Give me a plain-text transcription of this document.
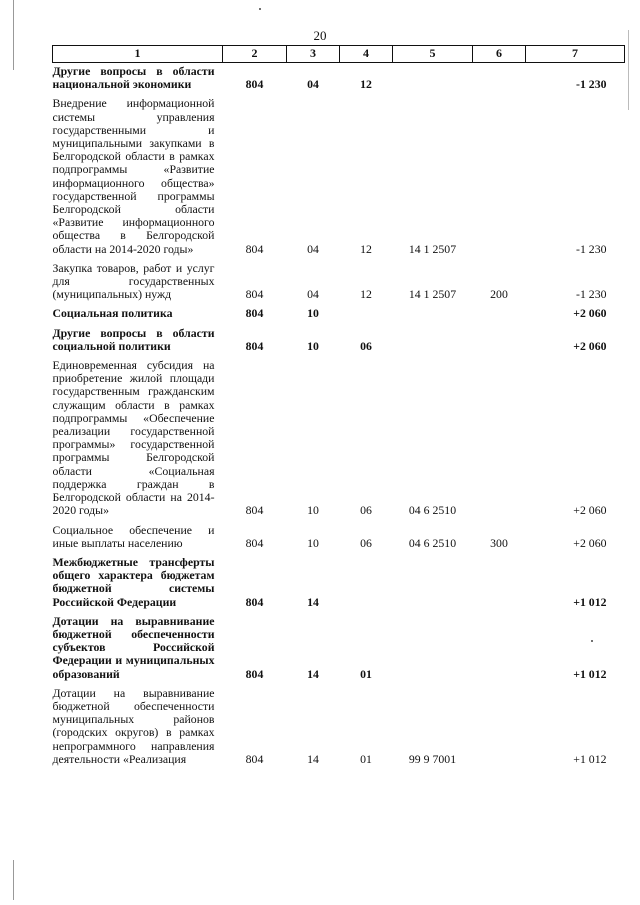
20
1	2	3	4	5	6	7
Другие вопросы в области национальной экономики	804	04	12			-1 230
Внедрение информационной системы управления государственными и муниципальными закупками в Белгородской области в рамках подпрограммы «Развитие информационного общества» государственной программы Белгородской области «Развитие информационного общества в Белгородской области на 2014-2020 годы»	804	04	12	14 1 2507		-1 230
Закупка товаров, работ и услуг для государственных (муниципальных) нужд	804	04	12	14 1 2507	200	-1 230
Социальная политика	804	10				+2 060
Другие вопросы в области социальной политики	804	10	06			+2 060
Единовременная субсидия на приобретение жилой площади государственным гражданским служащим области в рамках подпрограммы «Обеспечение реализации государственной программы» государственной программы Белгородской области «Социальная поддержка граждан в Белгородской области на 2014-2020 годы»	804	10	06	04 6 2510		+2 060
Социальное обеспечение и иные выплаты населению	804	10	06	04 6 2510	300	+2 060
Межбюджетные трансферты общего характера бюджетам бюджетной системы Российской Федерации	804	14				+1 012
Дотации на выравнивание бюджетной обеспеченности субъектов Российской Федерации и муниципальных образований	804	14	01			+1 012
Дотации на выравнивание бюджетной обеспеченности муниципальных районов (городских округов) в рамках непрограммного направления деятельности «Реализация	804	14	01	99 9 7001		+1 012
